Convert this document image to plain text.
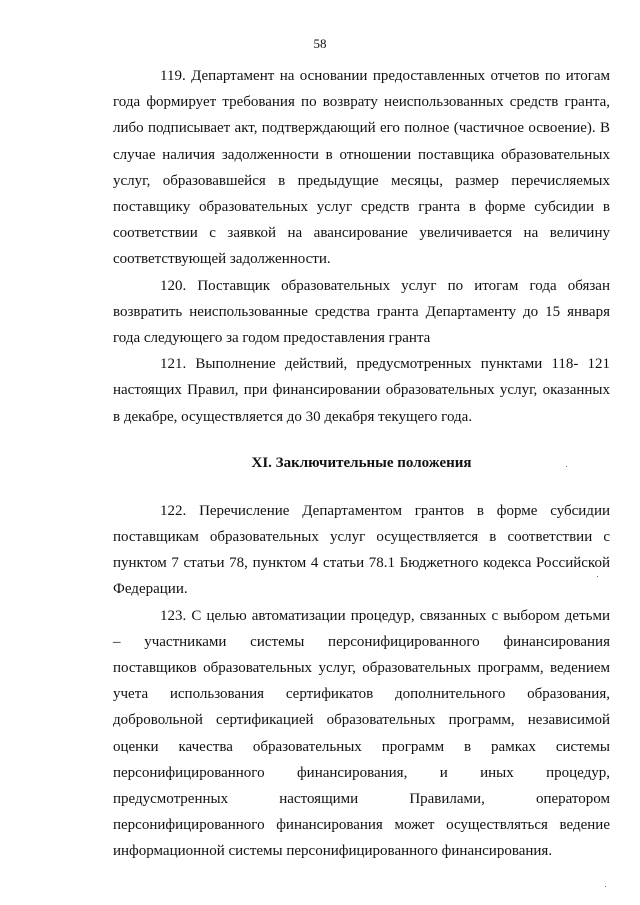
58

119. Департамент на основании предоставленных отчетов по итогам года формирует требования по возврату неиспользованных средств гранта, либо подписывает акт, подтверждающий его полное (частичное освоение). В случае наличия задолженности в отношении поставщика образовательных услуг, образовавшейся в предыдущие месяцы, размер перечисляемых поставщику образовательных услуг средств гранта в форме субсидии в соответствии с заявкой на авансирование увеличивается на величину соответствующей задолженности.

120. Поставщик образовательных услуг по итогам года обязан возвратить неиспользованные средства гранта Департаменту до 15 января года следующего за годом предоставления гранта

121. Выполнение действий, предусмотренных пунктами 118- 121 настоящих Правил, при финансировании образовательных услуг, оказанных в декабре, осуществляется до 30 декабря текущего года.

XI. Заключительные положения

122. Перечисление Департаментом грантов в форме субсидии поставщикам образовательных услуг осуществляется в соответствии с пунктом 7 статьи 78, пунктом 4 статьи 78.1 Бюджетного кодекса Российской Федерации.

123. С целью автоматизации процедур, связанных с выбором детьми – участниками системы персонифицированного финансирования поставщиков образовательных услуг, образовательных программ, ведением учета использования сертификатов дополнительного образования, добровольной сертификацией образовательных программ, независимой оценки качества образовательных программ в рамках системы персонифицированного финансирования, и иных процедур, предусмотренных настоящими Правилами, оператором персонифицированного финансирования может осуществляться ведение информационной системы персонифицированного финансирования.
